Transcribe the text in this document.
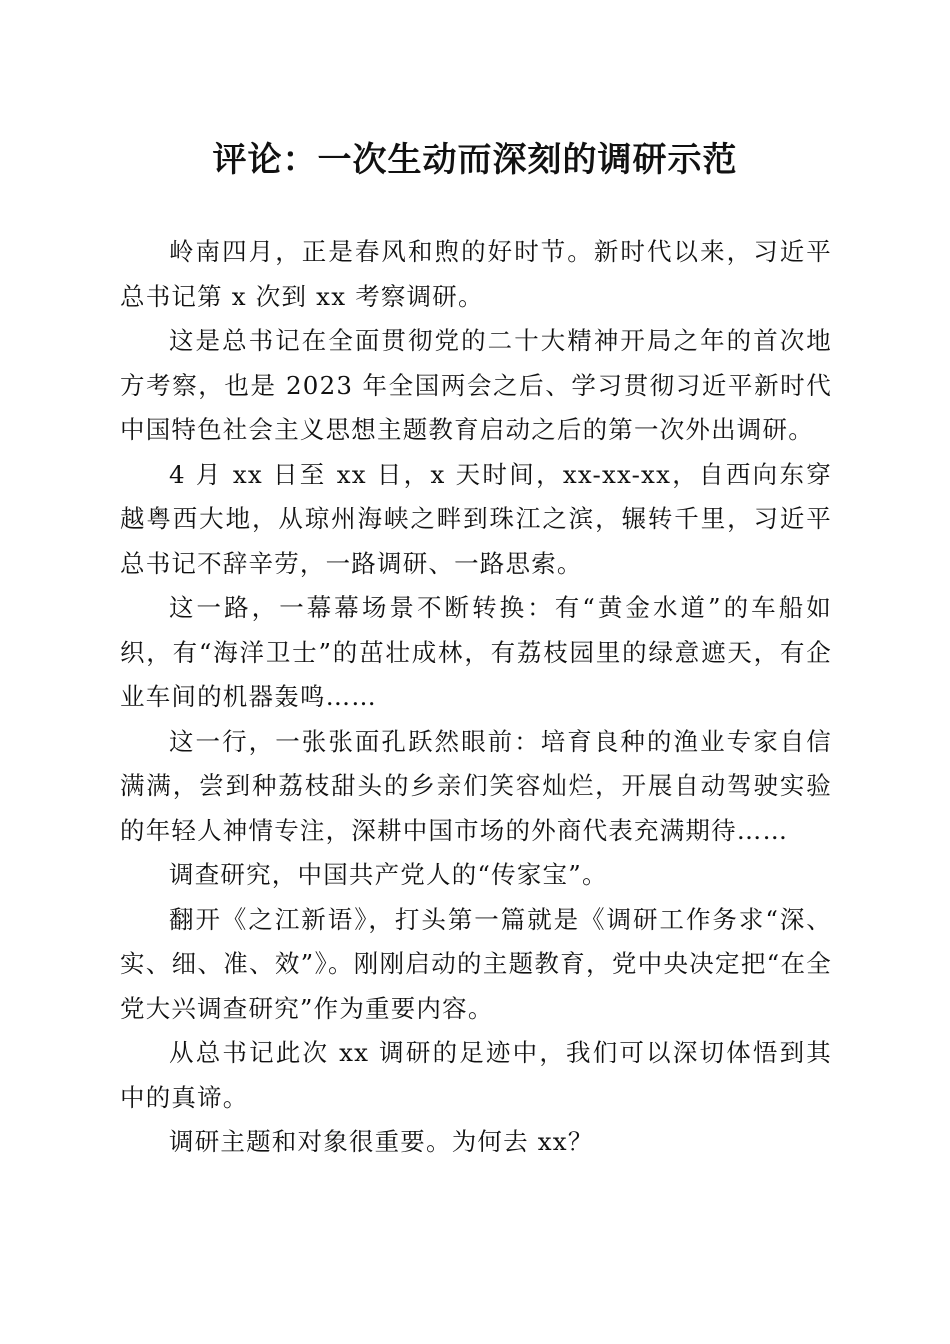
评论：一次生动而深刻的调研示范

岭南四月，正是春风和煦的好时节。新时代以来，习近平总书记第 x 次到 xx 考察调研。

这是总书记在全面贯彻党的二十大精神开局之年的首次地方考察，也是 2023 年全国两会之后、学习贯彻习近平新时代中国特色社会主义思想主题教育启动之后的第一次外出调研。

4 月 xx 日至 xx 日，x 天时间，xx-xx-xx，自西向东穿越粤西大地，从琼州海峡之畔到珠江之滨，辗转千里，习近平总书记不辞辛劳，一路调研、一路思索。

这一路，一幕幕场景不断转换：有“黄金水道”的车船如织，有“海洋卫士”的茁壮成林，有荔枝园里的绿意遮天，有企业车间的机器轰鸣……

这一行，一张张面孔跃然眼前：培育良种的渔业专家自信满满，尝到种荔枝甜头的乡亲们笑容灿烂，开展自动驾驶实验的年轻人神情专注，深耕中国市场的外商代表充满期待……

调查研究，中国共产党人的“传家宝”。

翻开《之江新语》，打头第一篇就是《调研工作务求“深、实、细、准、效”》。刚刚启动的主题教育，党中央决定把“在全党大兴调查研究”作为重要内容。

从总书记此次 xx 调研的足迹中，我们可以深切体悟到其中的真谛。

调研主题和对象很重要。为何去 xx？
